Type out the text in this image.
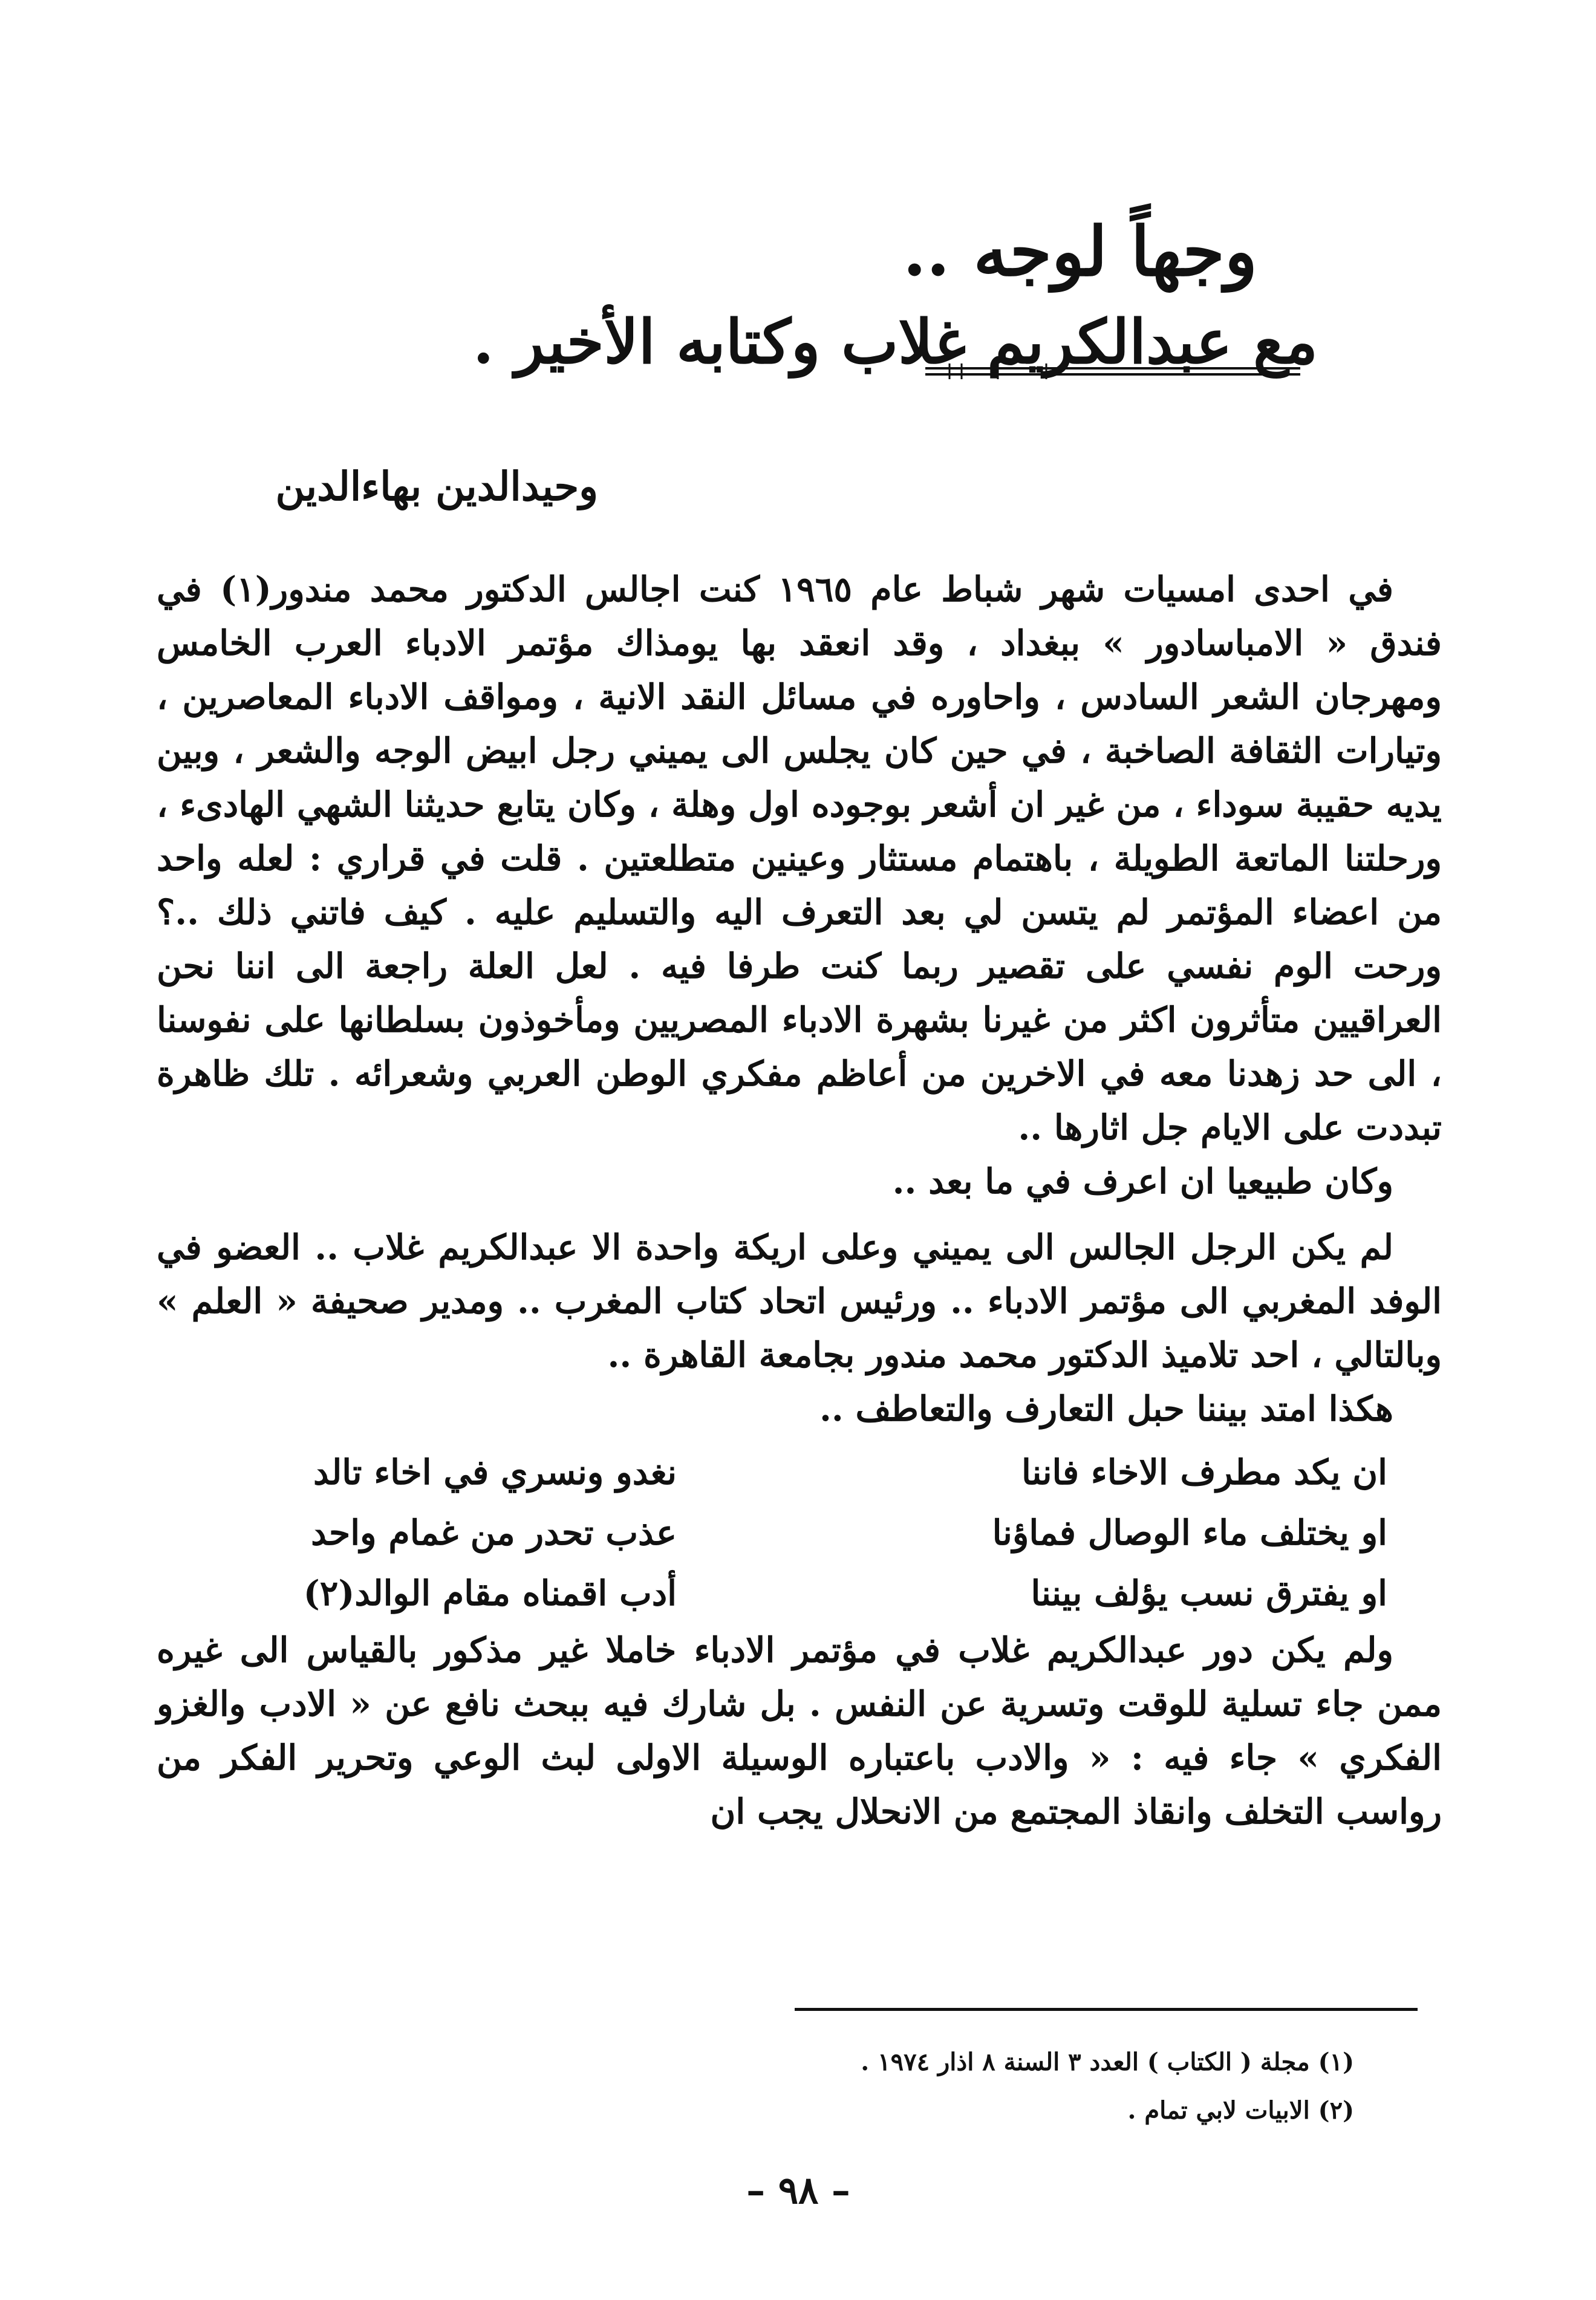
وجهاً لوجه ..
مع عبدالكريم غلاب وكتابه الأخير .

وحيدالدين بهاءالدين

في احدى امسيات شهر شباط عام ١٩٦٥ كنت اجالس الدكتور محمد مندور(١) في فندق « الامباسادور » ببغداد ، وقد انعقد بها يومذاك مؤتمر الادباء العرب الخامس ومهرجان الشعر السادس ، واحاوره في مسائل النقد الانية ، ومواقف الادباء المعاصرين ، وتيارات الثقافة الصاخبة ، في حين كان يجلس الى يميني رجل ابيض الوجه والشعر ، وبين يديه حقيبة سوداء ، من غير ان أشعر بوجوده اول وهلة ، وكان يتابع حديثنا الشهي الهادىء ، ورحلتنا الماتعة الطويلة ، باهتمام مستثار وعينين متطلعتين . قلت في قراري : لعله واحد من اعضاء المؤتمر لم يتسن لي بعد التعرف اليه والتسليم عليه . كيف فاتني ذلك ..؟ ورحت الوم نفسي على تقصير ربما كنت طرفا فيه . لعل العلة راجعة الى اننا نحن العراقيين متأثرون اكثر من غيرنا بشهرة الادباء المصريين ومأخوذون بسلطانها على نفوسنا ، الى حد زهدنا معه في الاخرين من أعاظم مفكري الوطن العربي وشعرائه . تلك ظاهرة تبددت على الايام جل اثارها ..

وكان طبيعيا ان اعرف في ما بعد ..

لم يكن الرجل الجالس الى يميني وعلى اريكة واحدة الا عبدالكريم غلاب .. العضو في الوفد المغربي الى مؤتمر الادباء .. ورئيس اتحاد كتاب المغرب .. ومدير صحيفة « العلم » وبالتالي ، احد تلاميذ الدكتور محمد مندور بجامعة القاهرة ..

هكذا امتد بيننا حبل التعارف والتعاطف ..

ان يكد مطرف الاخاء فاننا
نغدو ونسري في اخاء تالد
او يختلف ماء الوصال فماؤنا
عذب تحدر من غمام واحد
او يفترق نسب يؤلف بيننا
أدب اقمناه مقام الوالد(٢)

ولم يكن دور عبدالكريم غلاب في مؤتمر الادباء خاملا غير مذكور بالقياس الى غيره ممن جاء تسلية للوقت وتسرية عن النفس . بل شارك فيه ببحث نافع عن « الادب والغزو الفكري » جاء فيه : « والادب باعتباره الوسيلة الاولى لبث الوعي وتحرير الفكر من رواسب التخلف وانقاذ المجتمع من الانحلال يجب ان

(١) مجلة ( الكتاب ) العدد ٣ السنة ٨ اذار ١٩٧٤ .
(٢) الابيات لابي تمام .
– ٩٨ –
